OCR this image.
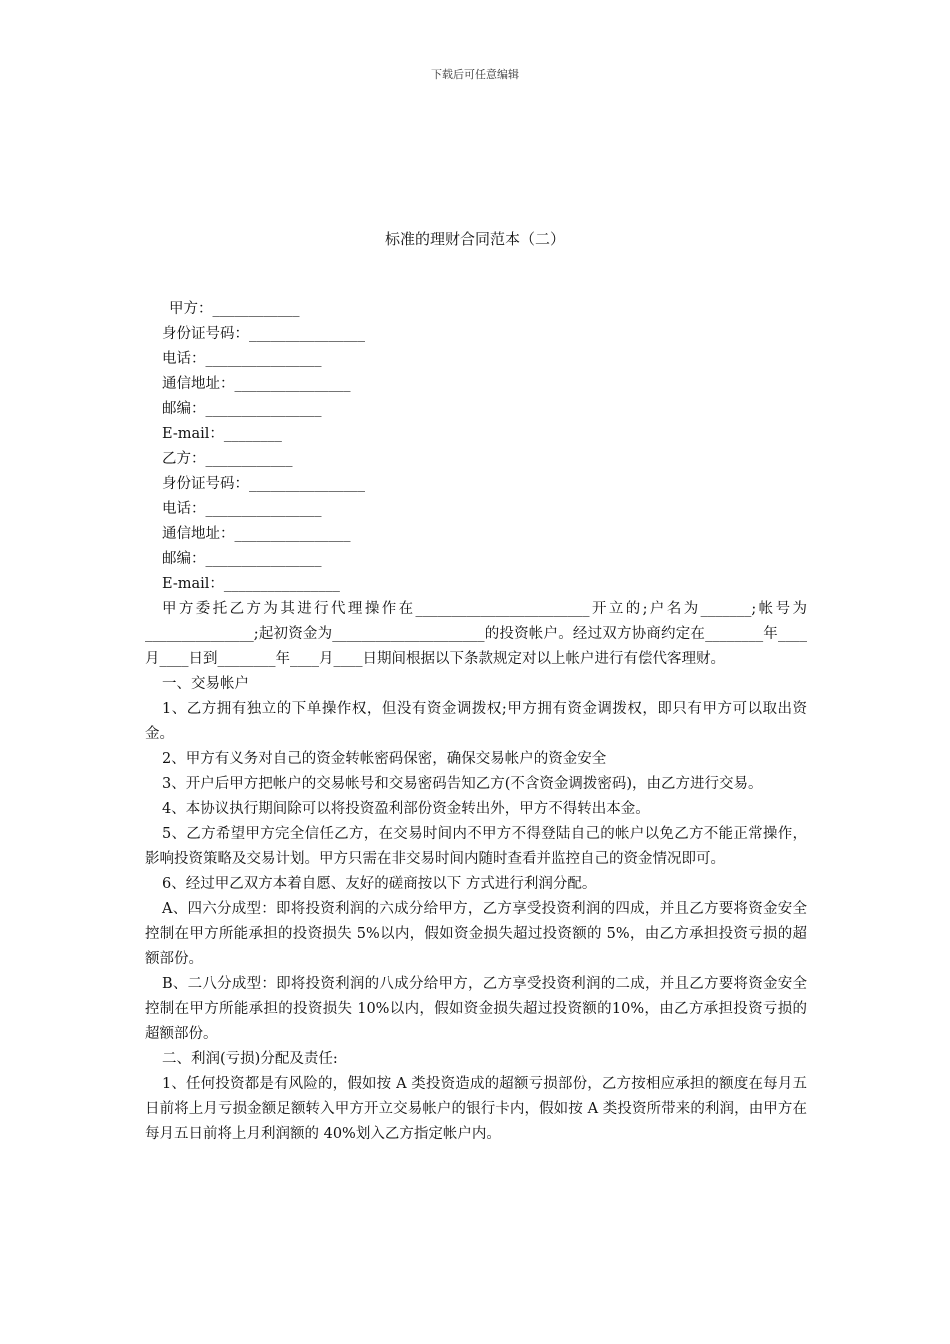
下载后可任意编辑
标准的理财合同范本（二）
甲方：____________
身份证号码：________________
电话：________________
通信地址：________________
邮编：________________
E-mail：________
乙方：____________
身份证号码：________________
电话：________________
通信地址：________________
邮编：________________
E-mail：________________
甲方委托乙方为其进行代理操作在________________________开立的;户名为_______;帐号为_______________;起初资金为_____________________的投资帐户。经过双方协商约定在________年____月____日到________年____月____日期间根据以下条款规定对以上帐户进行有偿代客理财。
一、交易帐户
1、乙方拥有独立的下单操作权，但没有资金调拨权;甲方拥有资金调拨权，即只有甲方可以取出资金。
2、甲方有义务对自己的资金转帐密码保密，确保交易帐户的资金安全
3、开户后甲方把帐户的交易帐号和交易密码告知乙方(不含资金调拨密码)，由乙方进行交易。
4、本协议执行期间除可以将投资盈利部份资金转出外，甲方不得转出本金。
5、乙方希望甲方完全信任乙方，在交易时间内不甲方不得登陆自己的帐户以免乙方不能正常操作，影响投资策略及交易计划。甲方只需在非交易时间内随时查看并监控自己的资金情况即可。
6、经过甲乙双方本着自愿、友好的磋商按以下 方式进行利润分配。
A、四六分成型：即将投资利润的六成分给甲方，乙方享受投资利润的四成，并且乙方要将资金安全控制在甲方所能承担的投资损失 5%以内，假如资金损失超过投资额的 5%，由乙方承担投资亏损的超额部份。
B、二八分成型：即将投资利润的八成分给甲方，乙方享受投资利润的二成，并且乙方要将资金安全控制在甲方所能承担的投资损失 10%以内，假如资金损失超过投资额的10%，由乙方承担投资亏损的超额部份。
二、利润(亏损)分配及责任:
1、任何投资都是有风险的，假如按 A 类投资造成的超额亏损部份，乙方按相应承担的额度在每月五日前将上月亏损金额足额转入甲方开立交易帐户的银行卡内，假如按 A 类投资所带来的利润，由甲方在每月五日前将上月利润额的 40%划入乙方指定帐户内。
